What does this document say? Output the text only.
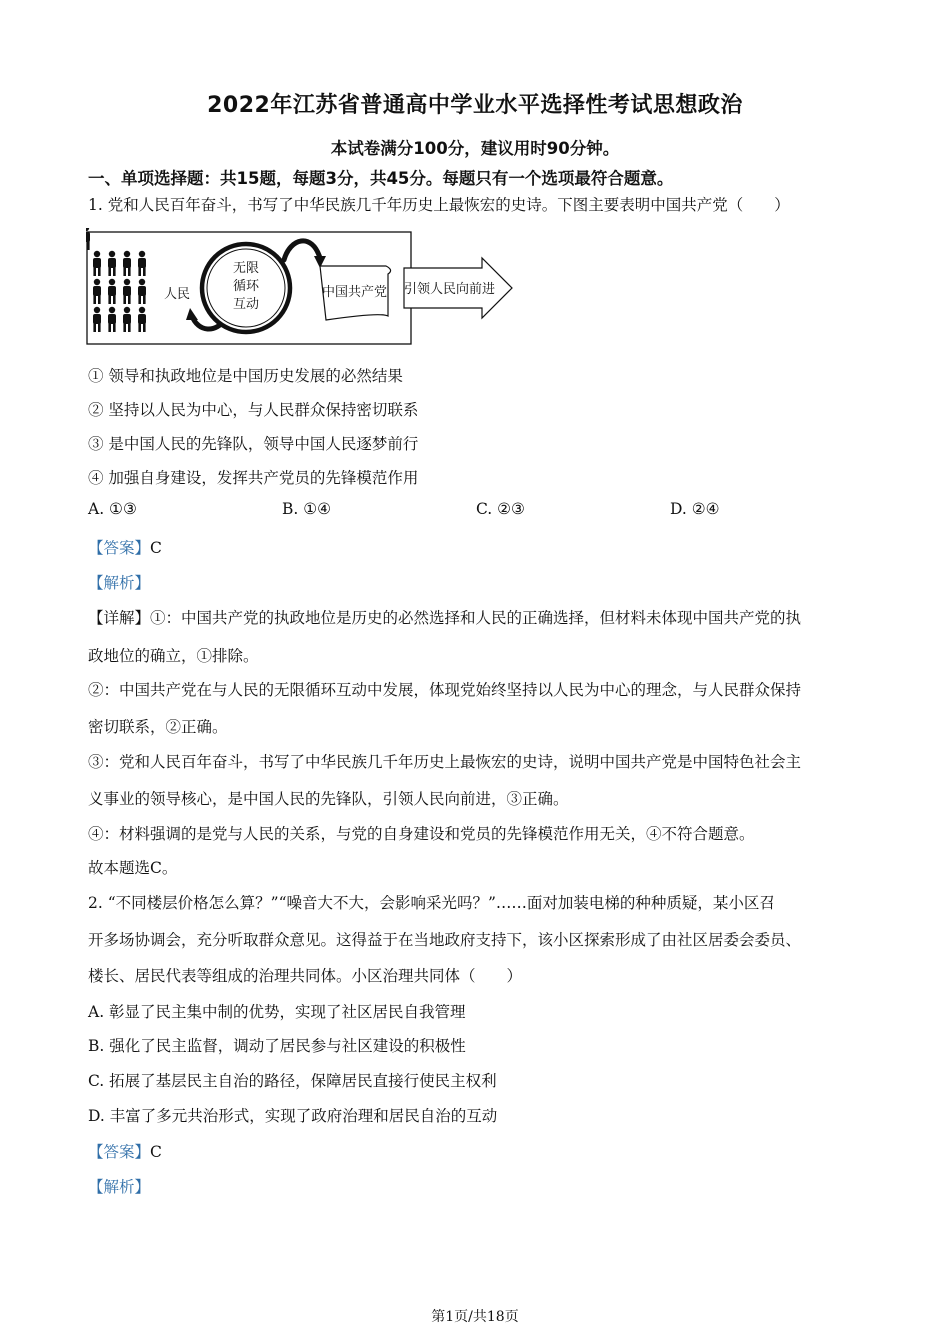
2022年江苏省普通高中学业水平选择性考试思想政治
本试卷满分100分，建议用时90分钟。
一、单项选择题：共15题，每题3分，共45分。每题只有一个选项最符合题意。
1. 党和人民百年奋斗，书写了中华民族几千年历史上最恢宏的史诗。下图主要表明中国共产党（　　）
人民
无限
循环
互动
中国共产党 引领人民向前进
① 领导和执政地位是中国历史发展的必然结果
② 坚持以人民为中心，与人民群众保持密切联系
③ 是中国人民的先锋队，领导中国人民逐梦前行
④ 加强自身建设，发挥共产党员的先锋模范作用
A. ①③	B. ①④	C. ②③	D. ②④
【答案】C
【解析】
【详解】①：中国共产党的执政地位是历史的必然选择和人民的正确选择，但材料未体现中国共产党的执
政地位的确立，①排除。
②：中国共产党在与人民的无限循环互动中发展，体现党始终坚持以人民为中心的理念，与人民群众保持
密切联系，②正确。
③：党和人民百年奋斗，书写了中华民族几千年历史上最恢宏的史诗，说明中国共产党是中国特色社会主
义事业的领导核心，是中国人民的先锋队，引领人民向前进，③正确。
④：材料强调的是党与人民的关系，与党的自身建设和党员的先锋模范作用无关，④不符合题意。
故本题选C。
2. “不同楼层价格怎么算？”“噪音大不大，会影响采光吗？”……面对加装电梯的种种质疑，某小区召
开多场协调会，充分听取群众意见。这得益于在当地政府支持下，该小区探索形成了由社区居委会委员、
楼长、居民代表等组成的治理共同体。小区治理共同体（　　）
A. 彰显了民主集中制的优势，实现了社区居民自我管理
B. 强化了民主监督，调动了居民参与社区建设的积极性
C. 拓展了基层民主自治的路径，保障居民直接行使民主权利
D. 丰富了多元共治形式，实现了政府治理和居民自治的互动
【答案】C
【解析】
第1页/共18页
